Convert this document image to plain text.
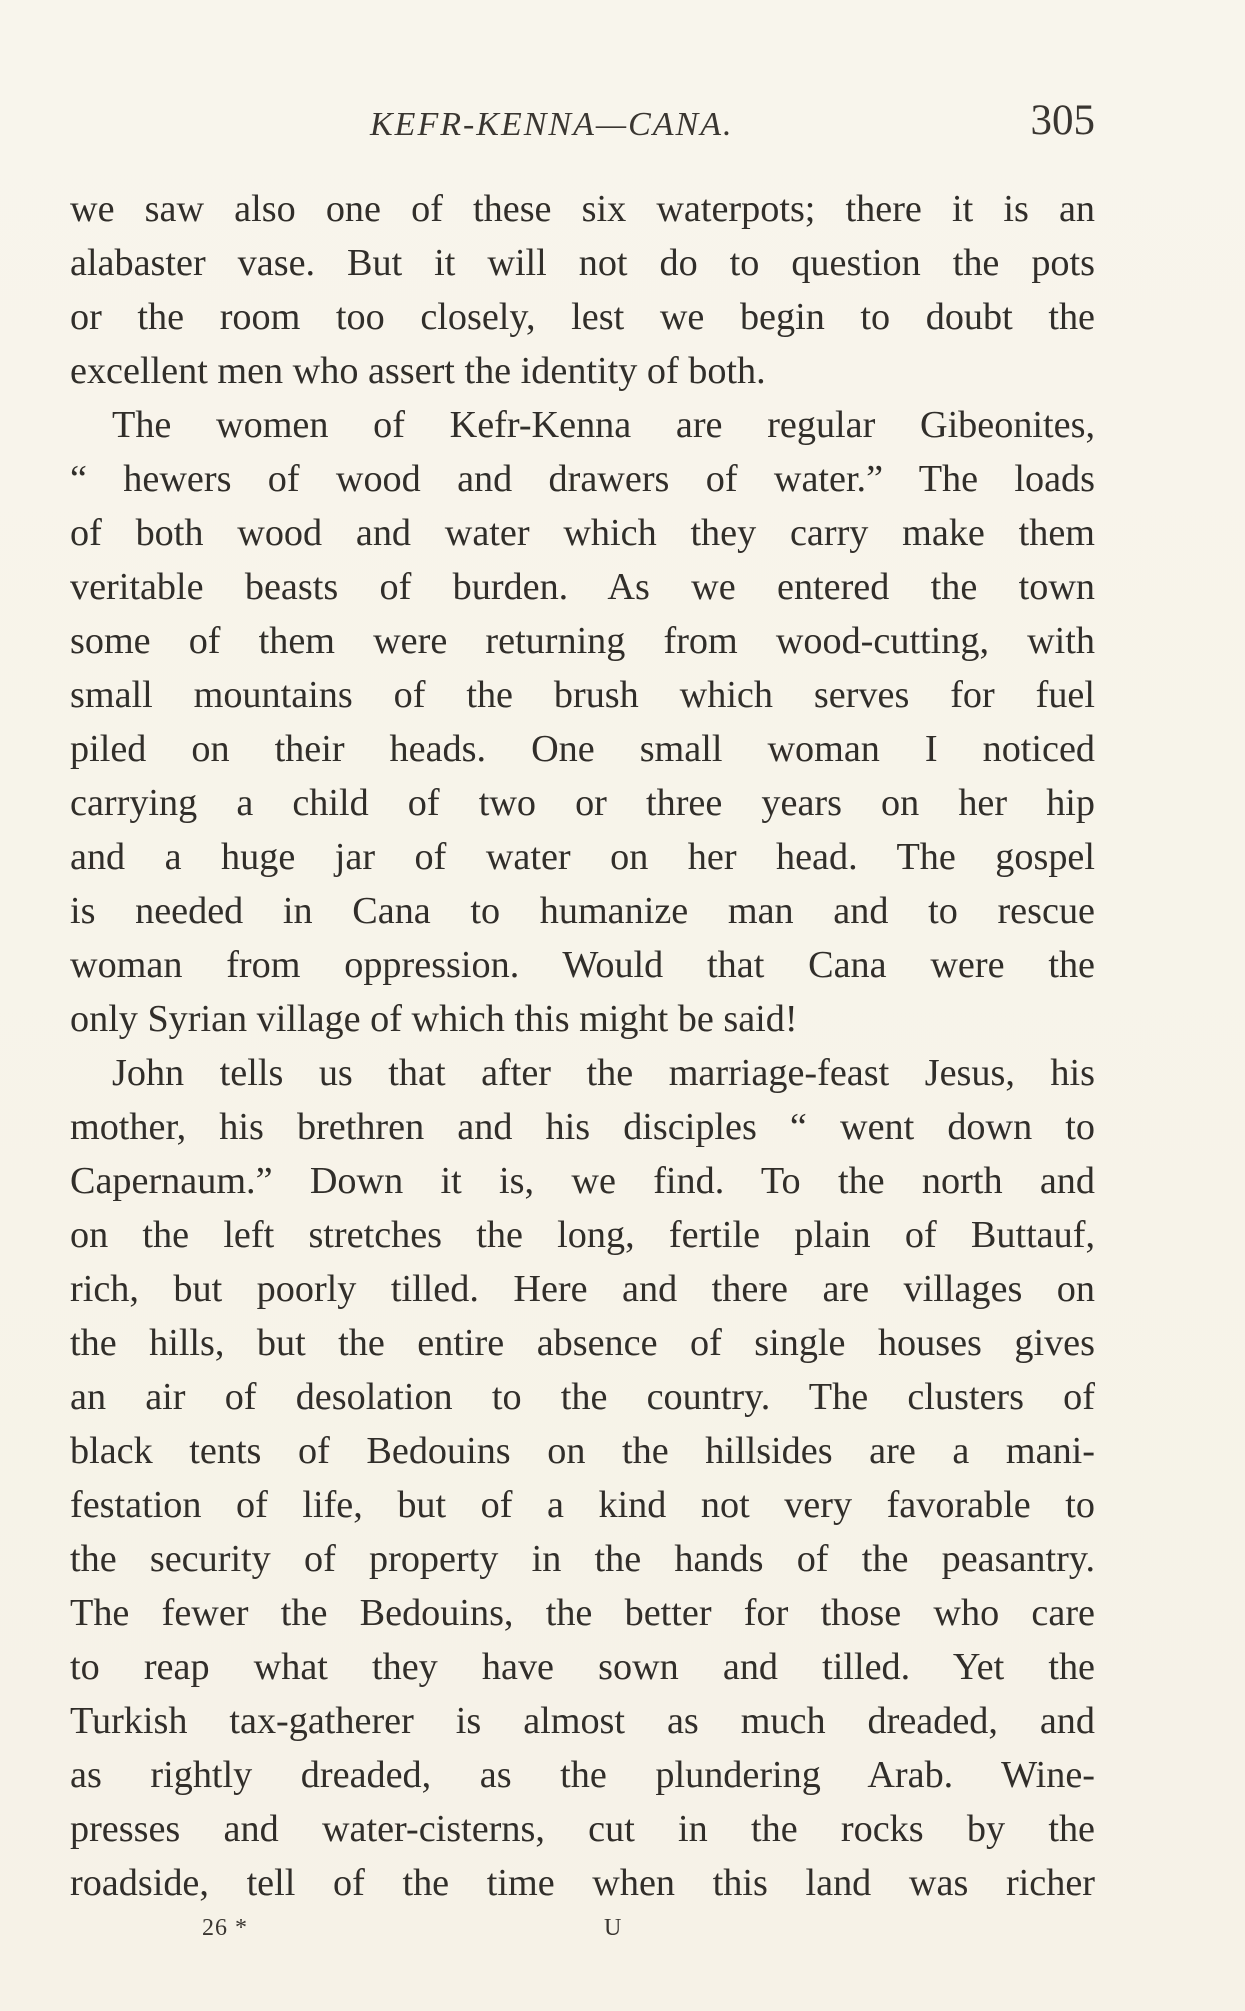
KEFR-KENNA—CANA.	305
we saw also one of these six waterpots; there it is an
alabaster vase. But it will not do to question the pots
or the room too closely, lest we begin to doubt the
excellent men who assert the identity of both.
The women of Kefr-Kenna are regular Gibeonites,
“ hewers of wood and drawers of water.” The loads
of both wood and water which they carry make them
veritable beasts of burden. As we entered the town
some of them were returning from wood-cutting, with
small mountains of the brush which serves for fuel
piled on their heads. One small woman I noticed
carrying a child of two or three years on her hip
and a huge jar of water on her head. The gospel
is needed in Cana to humanize man and to rescue
woman from oppression. Would that Cana were the
only Syrian village of which this might be said!
John tells us that after the marriage-feast Jesus, his
mother, his brethren and his disciples “ went down to
Capernaum.” Down it is, we find. To the north and
on the left stretches the long, fertile plain of Buttauf,
rich, but poorly tilled. Here and there are villages on
the hills, but the entire absence of single houses gives
an air of desolation to the country. The clusters of
black tents of Bedouins on the hillsides are a mani-
festation of life, but of a kind not very favorable to
the security of property in the hands of the peasantry.
The fewer the Bedouins, the better for those who care
to reap what they have sown and tilled. Yet the
Turkish tax-gatherer is almost as much dreaded, and
as rightly dreaded, as the plundering Arab. Wine-
presses and water-cisterns, cut in the rocks by the
roadside, tell of the time when this land was richer
26 *	U
